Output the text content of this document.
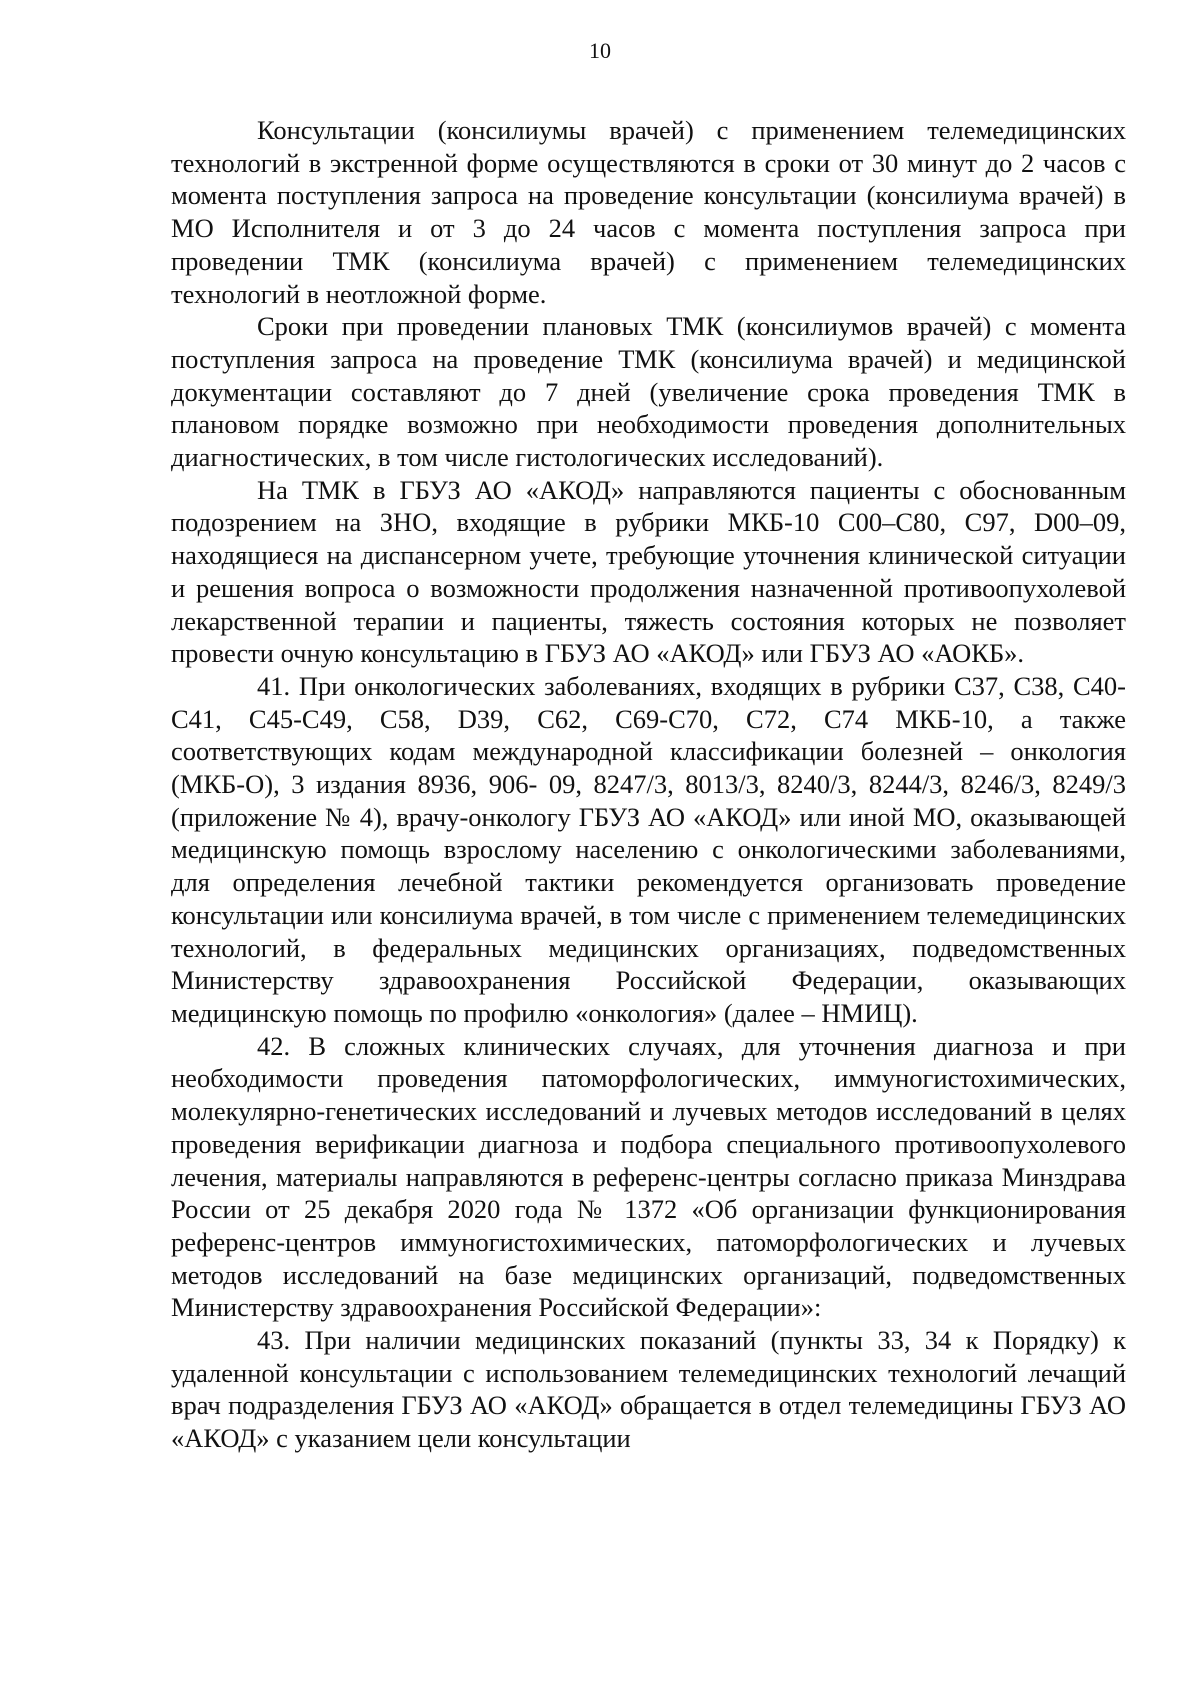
10

Консультации (консилиумы врачей) с применением телемедицинских технологий в экстренной форме осуществляются в сроки от 30 минут до 2 часов с момента поступления запроса на проведение консультации (консилиума врачей) в МО Исполнителя и от 3 до 24 часов с момента поступления запроса при проведении ТМК (консилиума врачей) с применением телемедицинских технологий в неотложной форме.

Сроки при проведении плановых ТМК (консилиумов врачей) с момента поступления запроса на проведение ТМК (консилиума врачей) и медицинской документации составляют до 7 дней (увеличение срока проведения ТМК в плановом порядке возможно при необходимости проведения дополнительных диагностических, в том числе гистологических исследований).

На ТМК в ГБУЗ АО «АКОД» направляются пациенты с обоснованным подозрением на ЗНО, входящие в рубрики МКБ-10 С00–С80, С97, D00–09, находящиеся на диспансерном учете, требующие уточнения клинической ситуации и решения вопроса о возможности продолжения назначенной противоопухолевой лекарственной терапии и пациенты, тяжесть состояния которых не позволяет провести очную консультацию в ГБУЗ АО «АКОД» или ГБУЗ АО «АОКБ».

41. При онкологических заболеваниях, входящих в рубрики С37, С38, С40-С41, С45-С49, С58, D39, С62, С69-С70, С72, С74 МКБ-10, а также соответствующих кодам международной классификации болезней – онкология (МКБ-О), 3 издания 8936, 906- 09, 8247/3, 8013/3, 8240/3, 8244/3, 8246/3, 8249/3 (приложение № 4), врачу-онкологу ГБУЗ АО «АКОД» или иной МО, оказывающей медицинскую помощь взрослому населению с онкологическими заболеваниями, для определения лечебной тактики рекомендуется организовать проведение консультации или консилиума врачей, в том числе с применением телемедицинских технологий, в федеральных медицинских организациях, подведомственных Министерству здравоохранения Российской Федерации, оказывающих медицинскую помощь по профилю «онкология» (далее – НМИЦ).

42. В сложных клинических случаях, для уточнения диагноза и при необходимости проведения патоморфологических, иммуногистохимических, молекулярно-генетических исследований и лучевых методов исследований в целях проведения верификации диагноза и подбора специального противоопухолевого лечения, материалы направляются в референс-центры согласно приказа Минздрава России от 25 декабря 2020 года № 1372 «Об организации функционирования референс-центров иммуногистохимических, патоморфологических и лучевых методов исследований на базе медицинских организаций, подведомственных Министерству здравоохранения Российской Федерации»:

43. При наличии медицинских показаний (пункты 33, 34 к Порядку) к удаленной консультации с использованием телемедицинских технологий лечащий врач подразделения ГБУЗ АО «АКОД» обращается в отдел телемедицины ГБУЗ АО «АКОД» с указанием цели консультации
